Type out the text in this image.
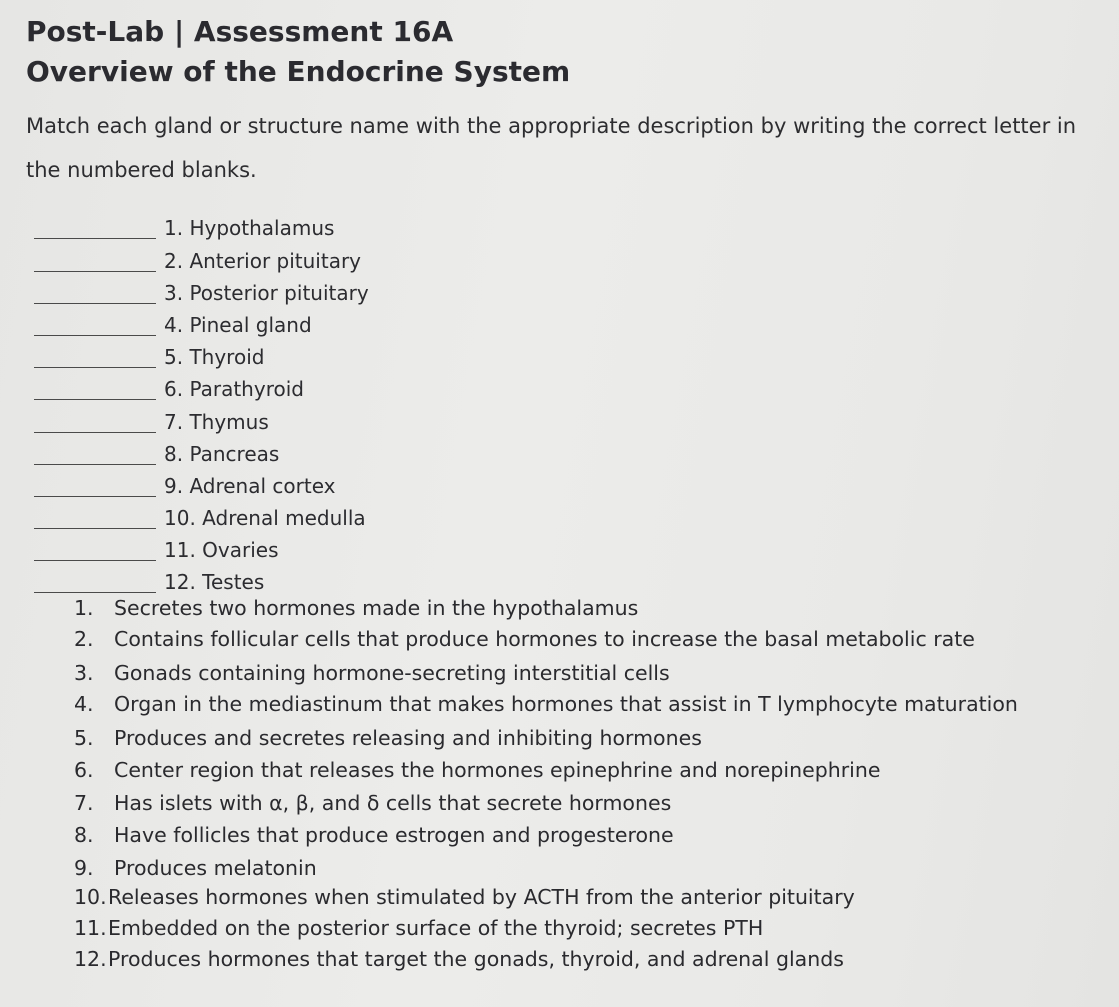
Post-Lab | Assessment 16A
Overview of the Endocrine System
Match each gland or structure name with the appropriate description by writing the correct letter in the numbered blanks.
1. Hypothalamus
2. Anterior pituitary
3. Posterior pituitary
4. Pineal gland
5. Thyroid
6. Parathyroid
7. Thymus
8. Pancreas
9. Adrenal cortex
10. Adrenal medulla
11. Ovaries
12. Testes
1. Secretes two hormones made in the hypothalamus
2. Contains follicular cells that produce hormones to increase the basal metabolic rate
3. Gonads containing hormone-secreting interstitial cells
4. Organ in the mediastinum that makes hormones that assist in T lymphocyte maturation
5. Produces and secretes releasing and inhibiting hormones
6. Center region that releases the hormones epinephrine and norepinephrine
7. Has islets with α, β, and δ cells that secrete hormones
8. Have follicles that produce estrogen and progesterone
9. Produces melatonin
10.Releases hormones when stimulated by ACTH from the anterior pituitary
11.Embedded on the posterior surface of the thyroid; secretes PTH
12.Produces hormones that target the gonads, thyroid, and adrenal glands
